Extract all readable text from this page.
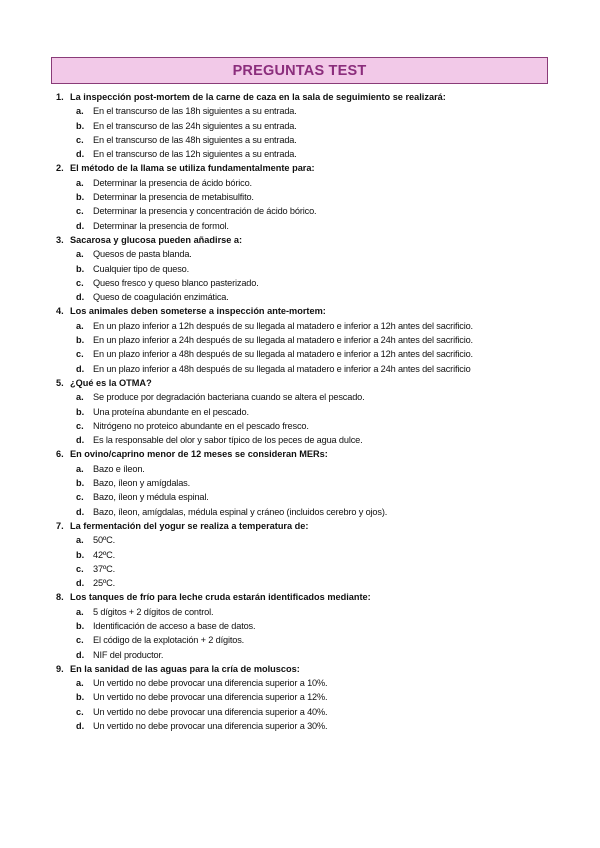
PREGUNTAS TEST
1. La inspección post-mortem de la carne de caza en la sala de seguimiento se realizará:
a.	En el transcurso de las 18h siguientes a su entrada.
b. En el transcurso de las 24h siguientes a su entrada.
c.	En el transcurso de las 48h siguientes a su entrada.
d. En el transcurso de las 12h siguientes a su entrada.
2. El método de la llama se utiliza fundamentalmente para:
a.	Determinar la presencia de ácido bórico.
b. Determinar la presencia de metabisulfito.
c.	Determinar la presencia y concentración de ácido bórico.
d. Determinar la presencia de formol.
3. Sacarosa y glucosa pueden añadirse a:
a.	Quesos de pasta blanda.
b. Cualquier tipo de queso.
c.	Queso fresco y queso blanco pasterizado.
d. Queso de coagulación enzimática.
4. Los animales deben someterse a inspección ante-mortem:
a.	En un plazo inferior a 12h después de su llegada al matadero e inferior a 12h antes del sacrificio.
b. En un plazo inferior a 24h después de su llegada al matadero e inferior a 24h antes del sacrificio.
c.	En un plazo inferior a 48h después de su llegada al matadero e inferior a 12h antes del sacrificio.
d. En un plazo inferior a 48h después de su llegada al matadero e inferior a 24h antes del sacrificio
5. ¿Qué es la OTMA?
a.	Se produce por degradación bacteriana cuando se altera el pescado.
b. Una proteína abundante en el pescado.
c.	Nitrógeno no proteico abundante en el pescado fresco.
d. Es la responsable del olor y sabor típico de los peces de agua dulce.
6. En ovino/caprino menor de 12 meses se consideran MERs:
a.	Bazo e íleon.
b. Bazo, íleon y amígdalas.
c.	Bazo, íleon y médula espinal.
d. Bazo, íleon, amígdalas, médula espinal y cráneo (incluidos cerebro y ojos).
7. La fermentación del yogur se realiza a temperatura de:
a.	50ºC.
b. 42ºC.
c.	37ºC.
d. 25ºC.
8. Los tanques de frío para leche cruda estarán identificados mediante:
a.	5 dígitos + 2 dígitos de control.
b. Identificación de acceso a base de datos.
c.	El código de la explotación + 2 dígitos.
d. NIF del productor.
9. En la sanidad de las aguas para la cría de moluscos:
a.	Un vertido no debe provocar una diferencia superior a 10%.
b. Un vertido no debe provocar una diferencia superior a 12%.
c.	Un vertido no debe provocar una diferencia superior a 40%.
d. Un vertido no debe provocar una diferencia superior a 30%.
